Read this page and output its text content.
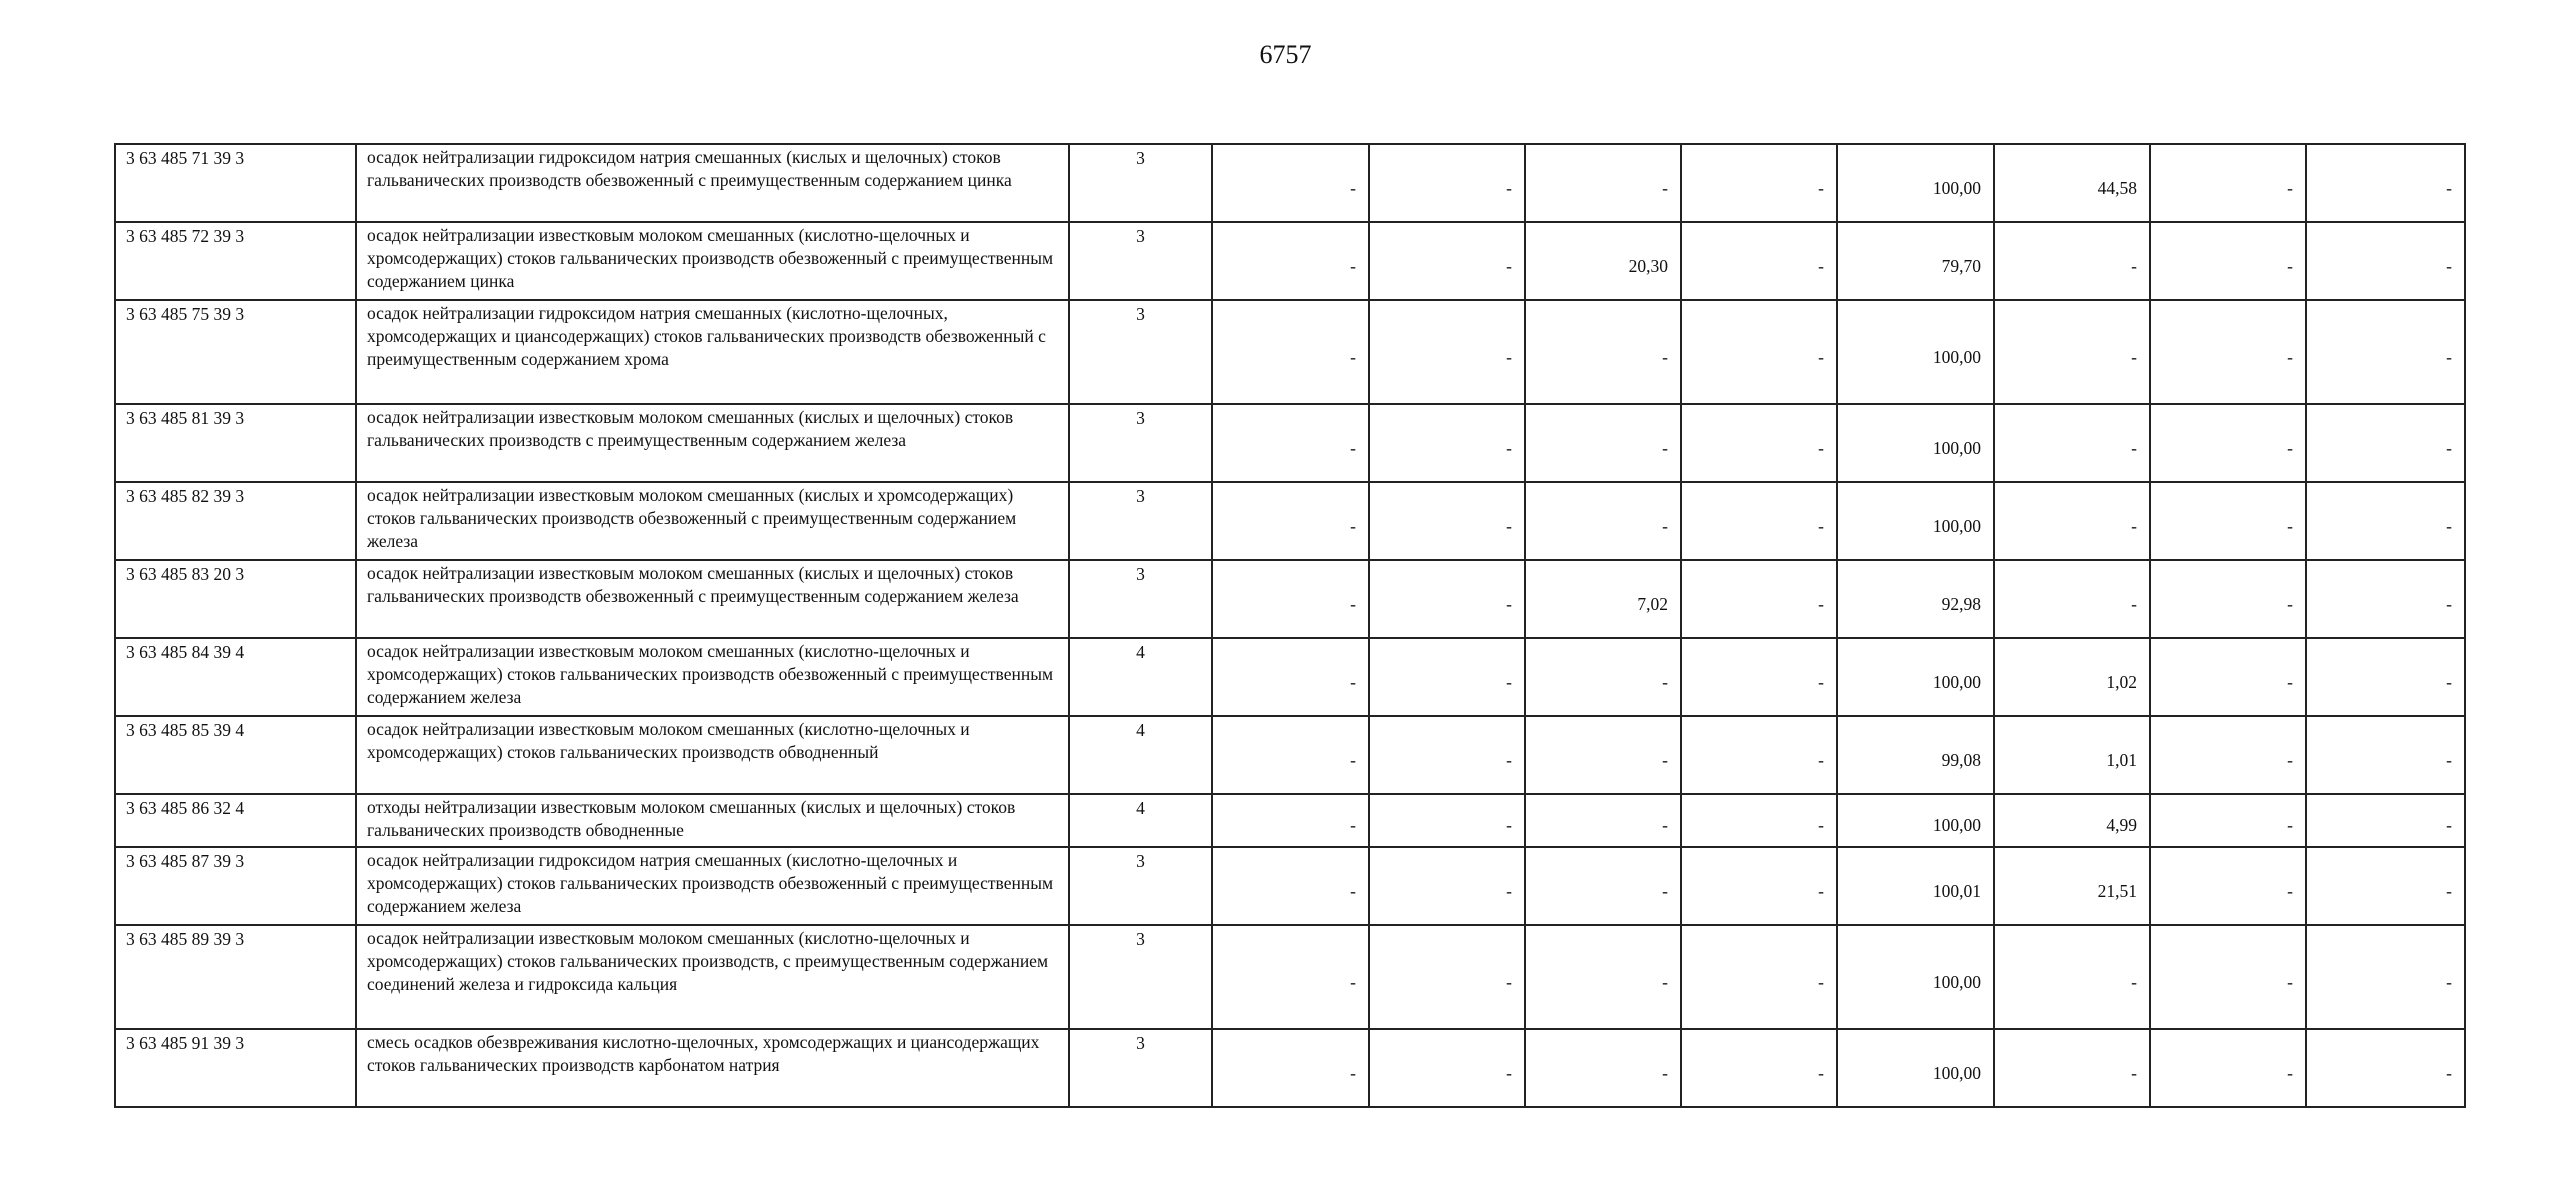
6757
3 63 485 71 39 3	осадок нейтрализации гидроксидом натрия смешанных (кислых и щелочных) стоков гальванических производств обезвоженный с преимущественным содержанием цинка	3	-	-	-	-	100,00	44,58	-	-
3 63 485 72 39 3	осадок нейтрализации известковым молоком смешанных (кислотно-щелочных и хромсодержащих) стоков гальванических производств обезвоженный с преимущественным содержанием цинка	3	-	-	20,30	-	79,70	-	-	-
3 63 485 75 39 3	осадок нейтрализации гидроксидом натрия смешанных (кислотно-щелочных, хромсодержащих и циансодержащих) стоков гальванических производств обезвоженный с преимущественным содержанием хрома	3	-	-	-	-	100,00	-	-	-
3 63 485 81 39 3	осадок нейтрализации известковым молоком смешанных (кислых и щелочных) стоков гальванических производств с преимущественным содержанием железа	3	-	-	-	-	100,00	-	-	-
3 63 485 82 39 3	осадок нейтрализации известковым молоком смешанных (кислых и хромсодержащих) стоков гальванических производств обезвоженный с преимущественным содержанием железа	3	-	-	-	-	100,00	-	-	-
3 63 485 83 20 3	осадок нейтрализации известковым молоком смешанных (кислых и щелочных) стоков гальванических производств обезвоженный с преимущественным содержанием железа	3	-	-	7,02	-	92,98	-	-	-
3 63 485 84 39 4	осадок нейтрализации известковым молоком смешанных (кислотно-щелочных и хромсодержащих) стоков гальванических производств обезвоженный с преимущественным содержанием железа	4	-	-	-	-	100,00	1,02	-	-
3 63 485 85 39 4	осадок нейтрализации известковым молоком смешанных (кислотно-щелочных и хромсодержащих) стоков гальванических производств обводненный	4	-	-	-	-	99,08	1,01	-	-
3 63 485 86 32 4	отходы нейтрализации известковым молоком смешанных (кислых и щелочных) стоков гальванических производств обводненные	4	-	-	-	-	100,00	4,99	-	-
3 63 485 87 39 3	осадок нейтрализации гидроксидом натрия смешанных (кислотно-щелочных и хромсодержащих) стоков гальванических производств обезвоженный с преимущественным содержанием железа	3	-	-	-	-	100,01	21,51	-	-
3 63 485 89 39 3	осадок нейтрализации известковым молоком смешанных (кислотно-щелочных и хромсодержащих) стоков гальванических производств, с преимущественным содержанием соединений железа и гидроксида кальция	3	-	-	-	-	100,00	-	-	-
3 63 485 91 39 3	смесь осадков обезвреживания кислотно-щелочных, хромсодержащих и циансодержащих стоков гальванических производств карбонатом натрия	3	-	-	-	-	100,00	-	-	-
